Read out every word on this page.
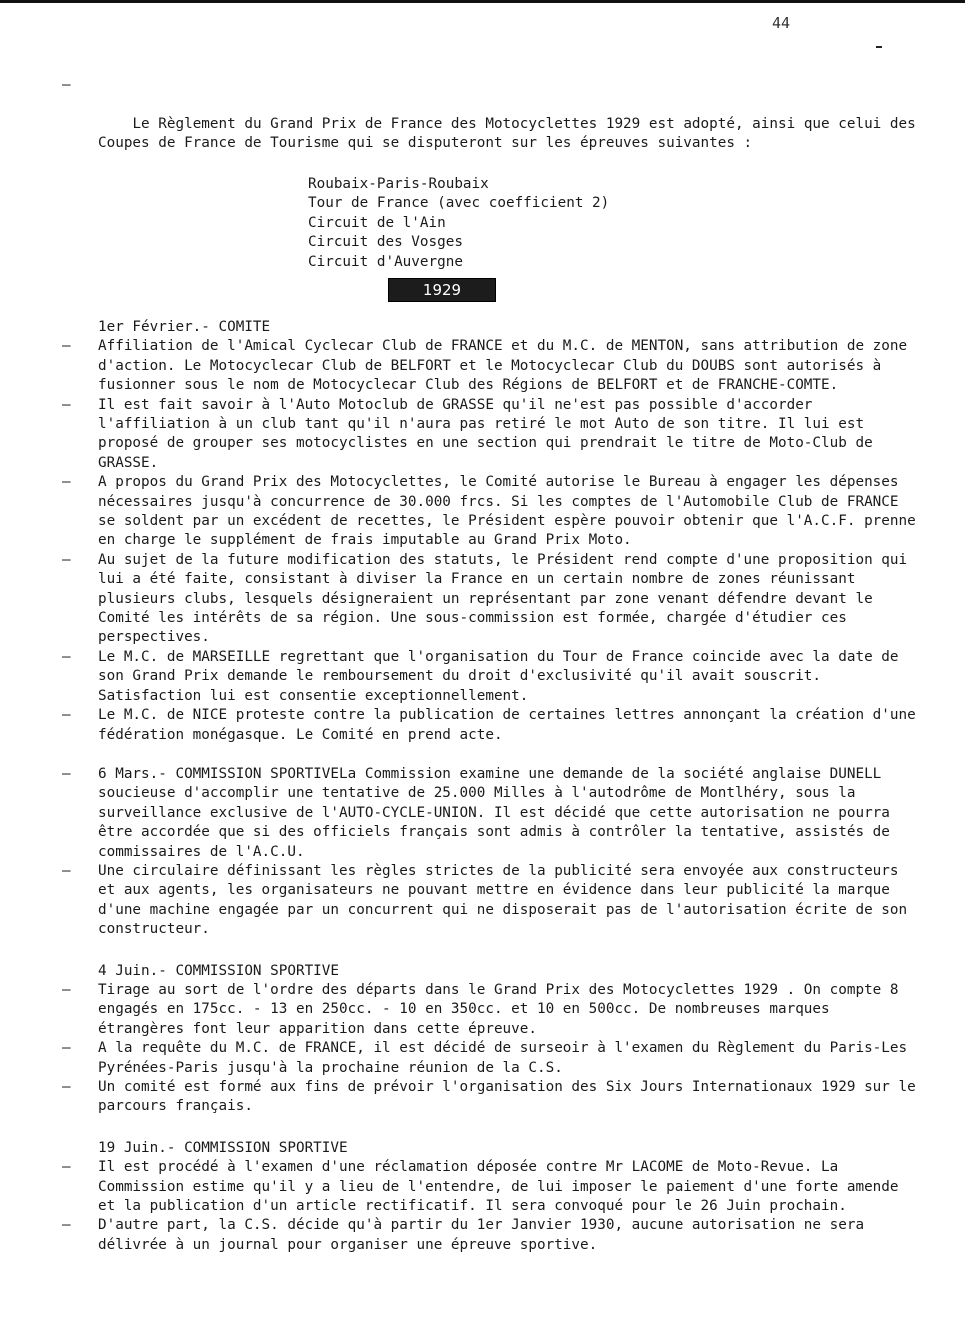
44

–

Le Règlement du Grand Prix de France des Motocyclettes 1929 est adopté, ainsi que celui des Coupes de France de Tourisme qui se disputeront sur les épreuves suivantes :

Roubaix-Paris-Roubaix
Tour de France (avec coefficient 2)
Circuit de l'Ain
Circuit des Vosges
Circuit d'Auvergne
1929
1er Février.- COMITE
– Affiliation de l'Amical Cyclecar Club de FRANCE et du M.C. de MENTON, sans attribution de zone d'action. Le Motocyclecar Club de BELFORT et le Motocyclecar Club du DOUBS sont autorisés à fusionner sous le nom de Motocyclecar Club des Régions de BELFORT et de FRANCHE-COMTE.
– Il est fait savoir à l'Auto Motoclub de GRASSE qu'il ne'est pas possible d'accorder l'affiliation à un club tant qu'il n'aura pas retiré le mot Auto de son titre. Il lui est proposé de grouper ses motocyclistes en une section qui prendrait le titre de Moto-Club de GRASSE.
– A propos du Grand Prix des Motocyclettes, le Comité autorise le Bureau à engager les dépenses nécessaires jusqu'à concurrence de 30.000 frcs. Si les comptes de l'Automobile Club de FRANCE se soldent par un excédent de recettes, le Président espère pouvoir obtenir que l'A.C.F. prenne en charge le supplément de frais imputable au Grand Prix Moto.
– Au sujet de la future modification des statuts, le Président rend compte d'une proposition qui lui a été faite, consistant à diviser la France en un certain nombre de zones réunissant plusieurs clubs, lesquels désigneraient un représentant par zone venant défendre devant le Comité les intérêts de sa région. Une sous-commission est formée, chargée d'étudier ces perspectives.
– Le M.C. de MARSEILLE regrettant que l'organisation du Tour de France coincide avec la date de son Grand Prix demande le remboursement du droit d'exclusivité qu'il avait souscrit. Satisfaction lui est consentie exceptionnellement.
– Le M.C. de NICE proteste contre la publication de certaines lettres annonçant la création d'une fédération monégasque. Le Comité en prend acte.
– 6 Mars.- COMMISSION SPORTIVELa Commission examine une demande de la société anglaise DUNELL soucieuse d'accomplir une tentative de 25.000 Milles à l'autodrôme de Montlhéry, sous la surveillance exclusive de l'AUTO-CYCLE-UNION. Il est décidé que cette autorisation ne pourra être accordée que si des officiels français sont admis à contrôler la tentative, assistés de commissaires de l'A.C.U.
– Une circulaire définissant les règles strictes de la publicité sera envoyée aux constructeurs et aux agents, les organisateurs ne pouvant mettre en évidence dans leur publicité la marque d'une machine engagée par un concurrent qui ne disposerait pas de l'autorisation écrite de son constructeur.
4 Juin.- COMMISSION SPORTIVE
– Tirage au sort de l'ordre des départs dans le Grand Prix des Motocyclettes 1929 . On compte 8 engagés en 175cc. - 13 en 250cc. - 10 en 350cc. et 10 en 500cc. De nombreuses marques étrangères font leur apparition dans cette épreuve.
– A la requête du M.C. de FRANCE, il est décidé de surseoir à l'examen du Règlement du Paris-Les Pyrénées-Paris jusqu'à la prochaine réunion de la C.S.
– Un comité est formé aux fins de prévoir l'organisation des Six Jours Internationaux 1929 sur le parcours français.
19 Juin.- COMMISSION SPORTIVE
– Il est procédé à l'examen d'une réclamation déposée contre Mr LACOME de Moto-Revue. La Commission estime qu'il y a lieu de l'entendre, de lui imposer le paiement d'une forte amende et la publication d'un article rectificatif. Il sera convoqué pour le 26 Juin prochain.
– D'autre part, la C.S. décide qu'à partir du 1er Janvier 1930, aucune autorisation ne sera délivrée à un journal pour organiser une épreuve sportive.
